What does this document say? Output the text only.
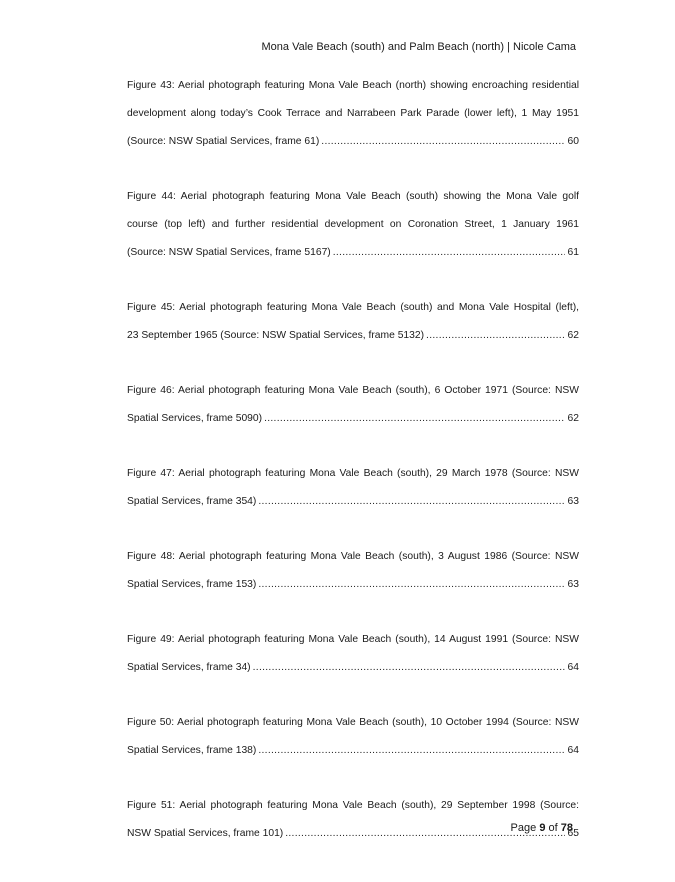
Mona Vale Beach (south) and Palm Beach (north) | Nicole Cama
Figure 43: Aerial photograph featuring Mona Vale Beach (north) showing encroaching residential
development along today’s Cook Terrace and Narrabeen Park Parade (lower left), 1 May 1951
(Source: NSW Spatial Services, frame 61) .....	60
Figure 44: Aerial photograph featuring Mona Vale Beach (south) showing the Mona Vale golf
course (top left) and further residential development on Coronation Street, 1 January 1961
(Source: NSW Spatial Services, frame 5167) .....	61
Figure 45: Aerial photograph featuring Mona Vale Beach (south) and Mona Vale Hospital (left),
23 September 1965 (Source: NSW Spatial Services, frame 5132) .....	62
Figure 46: Aerial photograph featuring Mona Vale Beach (south), 6 October 1971 (Source: NSW
Spatial Services, frame 5090) .....	62
Figure 47: Aerial photograph featuring Mona Vale Beach (south), 29 March 1978 (Source: NSW
Spatial Services, frame 354) .....	63
Figure 48: Aerial photograph featuring Mona Vale Beach (south), 3 August 1986 (Source: NSW
Spatial Services, frame 153) .....	63
Figure 49: Aerial photograph featuring Mona Vale Beach (south), 14 August 1991 (Source: NSW
Spatial Services, frame 34) .....	64
Figure 50: Aerial photograph featuring Mona Vale Beach (south), 10 October 1994 (Source: NSW
Spatial Services, frame 138) .....	64
Figure 51: Aerial photograph featuring Mona Vale Beach (south), 29 September 1998 (Source:
NSW Spatial Services, frame 101) .....	65
Page 9 of 78
